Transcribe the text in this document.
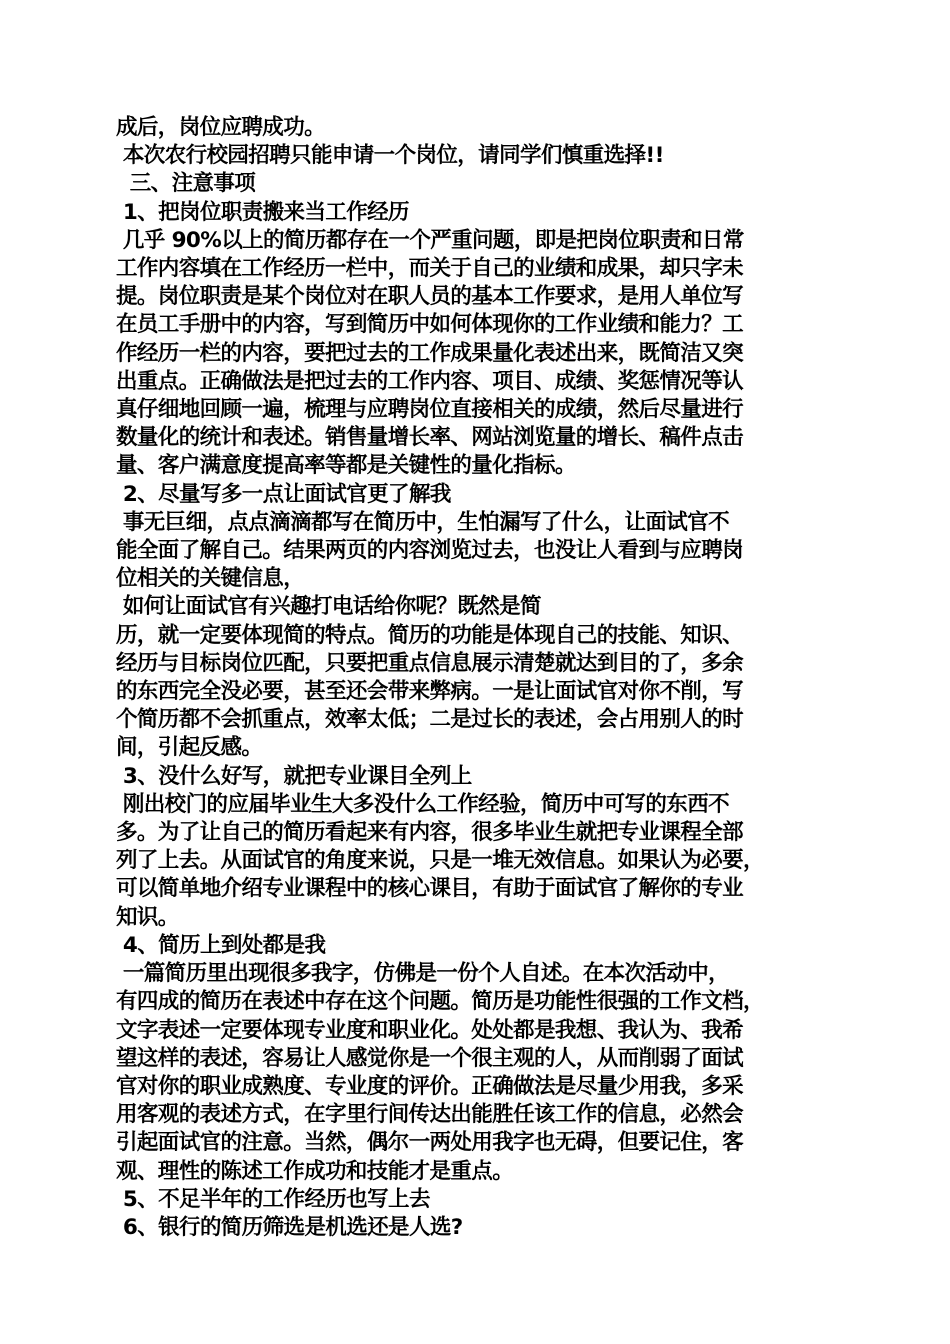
成后，岗位应聘成功。
本次农行校园招聘只能申请一个岗位，请同学们慎重选择!!
三、注意事项
1、把岗位职责搬来当工作经历
几乎 90%以上的简历都存在一个严重问题，即是把岗位职责和日常
工作内容填在工作经历一栏中，而关于自己的业绩和成果，却只字未
提。岗位职责是某个岗位对在职人员的基本工作要求，是用人单位写
在员工手册中的内容，写到简历中如何体现你的工作业绩和能力？工
作经历一栏的内容，要把过去的工作成果量化表述出来，既简洁又突
出重点。正确做法是把过去的工作内容、项目、成绩、奖惩情况等认
真仔细地回顾一遍，梳理与应聘岗位直接相关的成绩，然后尽量进行
数量化的统计和表述。销售量增长率、网站浏览量的增长、稿件点击
量、客户满意度提高率等都是关键性的量化指标。
2、尽量写多一点让面试官更了解我
事无巨细，点点滴滴都写在简历中，生怕漏写了什么，让面试官不
能全面了解自己。结果两页的内容浏览过去，也没让人看到与应聘岗
位相关的关键信息，
如何让面试官有兴趣打电话给你呢？既然是简
历，就一定要体现简的特点。简历的功能是体现自己的技能、知识、
经历与目标岗位匹配，只要把重点信息展示清楚就达到目的了，多余
的东西完全没必要，甚至还会带来弊病。一是让面试官对你不削，写
个简历都不会抓重点，效率太低；二是过长的表述，会占用别人的时
间，引起反感。
3、没什么好写，就把专业课目全列上
刚出校门的应届毕业生大多没什么工作经验，简历中可写的东西不
多。为了让自己的简历看起来有内容，很多毕业生就把专业课程全部
列了上去。从面试官的角度来说，只是一堆无效信息。如果认为必要，
可以简单地介绍专业课程中的核心课目，有助于面试官了解你的专业
知识。
4、简历上到处都是我
一篇简历里出现很多我字，仿佛是一份个人自述。在本次活动中，
有四成的简历在表述中存在这个问题。简历是功能性很强的工作文档，
文字表述一定要体现专业度和职业化。处处都是我想、我认为、我希
望这样的表述，容易让人感觉你是一个很主观的人，从而削弱了面试
官对你的职业成熟度、专业度的评价。正确做法是尽量少用我，多采
用客观的表述方式，在字里行间传达出能胜任该工作的信息，必然会
引起面试官的注意。当然，偶尔一两处用我字也无碍，但要记住，客
观、理性的陈述工作成功和技能才是重点。
5、不足半年的工作经历也写上去
6、银行的简历筛选是机选还是人选?
